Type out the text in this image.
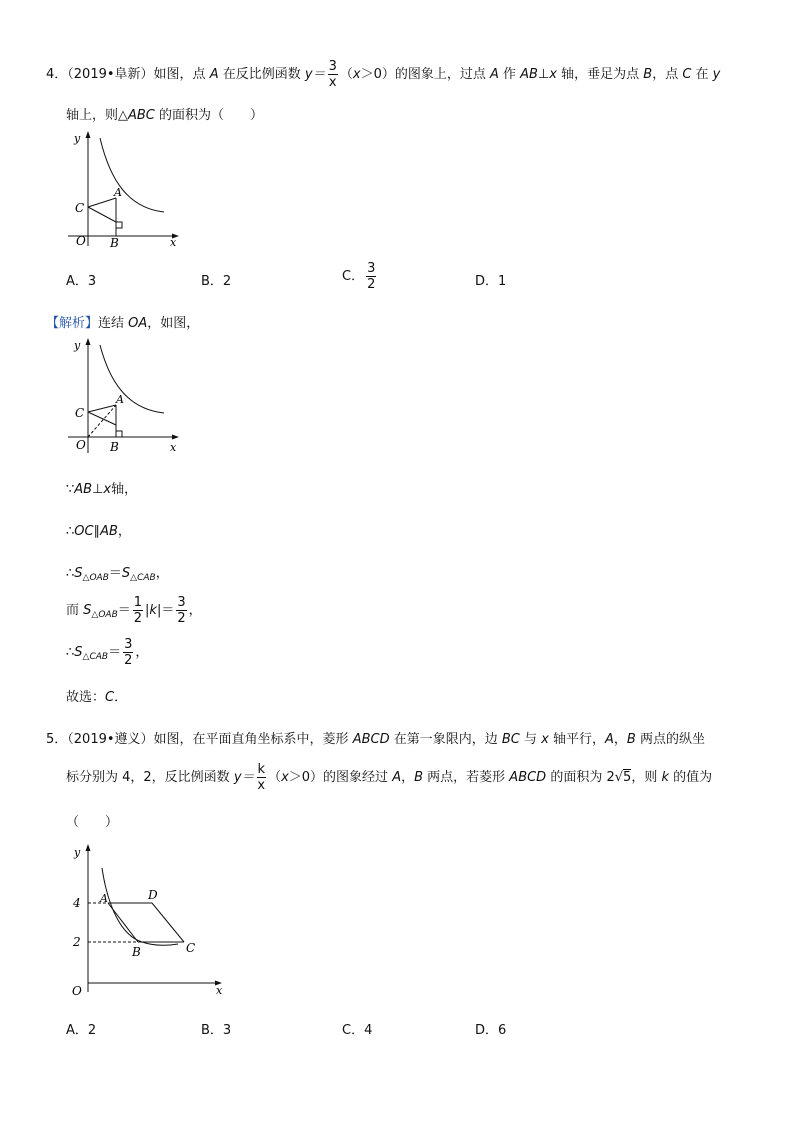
4．（2019•阜新）如图，点 A 在反比例函数 $y= \frac{3}{x} (x>0)$的图象上，过点 A 作 AB⊥x 轴，垂足为点 B，点 C 在 y
轴上，则△ABC 的面积为（　　）
y
x
O
A
B
C
A．3	B．2	C． $\frac{3}{2}$	D．1
【解析】连结 OA，如图，
y
x
O
A
B
C
∵AB⊥x轴，
∴OC∥AB，
$\therefore S_{\triangle OAB}=S_{\triangle CAB}$，
而 $S_{\triangle OAB}= \frac{1}{2} |k|= \frac{3}{2}$ ，
$\therefore S_{\triangle CAB}= \frac{3}{2}$ ，
故选：C．
5．（2019•遵义）如图，在平面直角坐标系中，菱形 ABCD 在第一象限内，边 BC 与 x 轴平行，A，B 两点的纵坐
标分别为 4，2，反比例函数 $y= \frac{k}{x} (x>0)$的图象经过 A，B 两点，若菱形 ABCD 的面积为 2√5，则 k 的值为
（　　）
y
x
O
4
2
A
B	C
D
A．2	B．3	C．4	D．6
